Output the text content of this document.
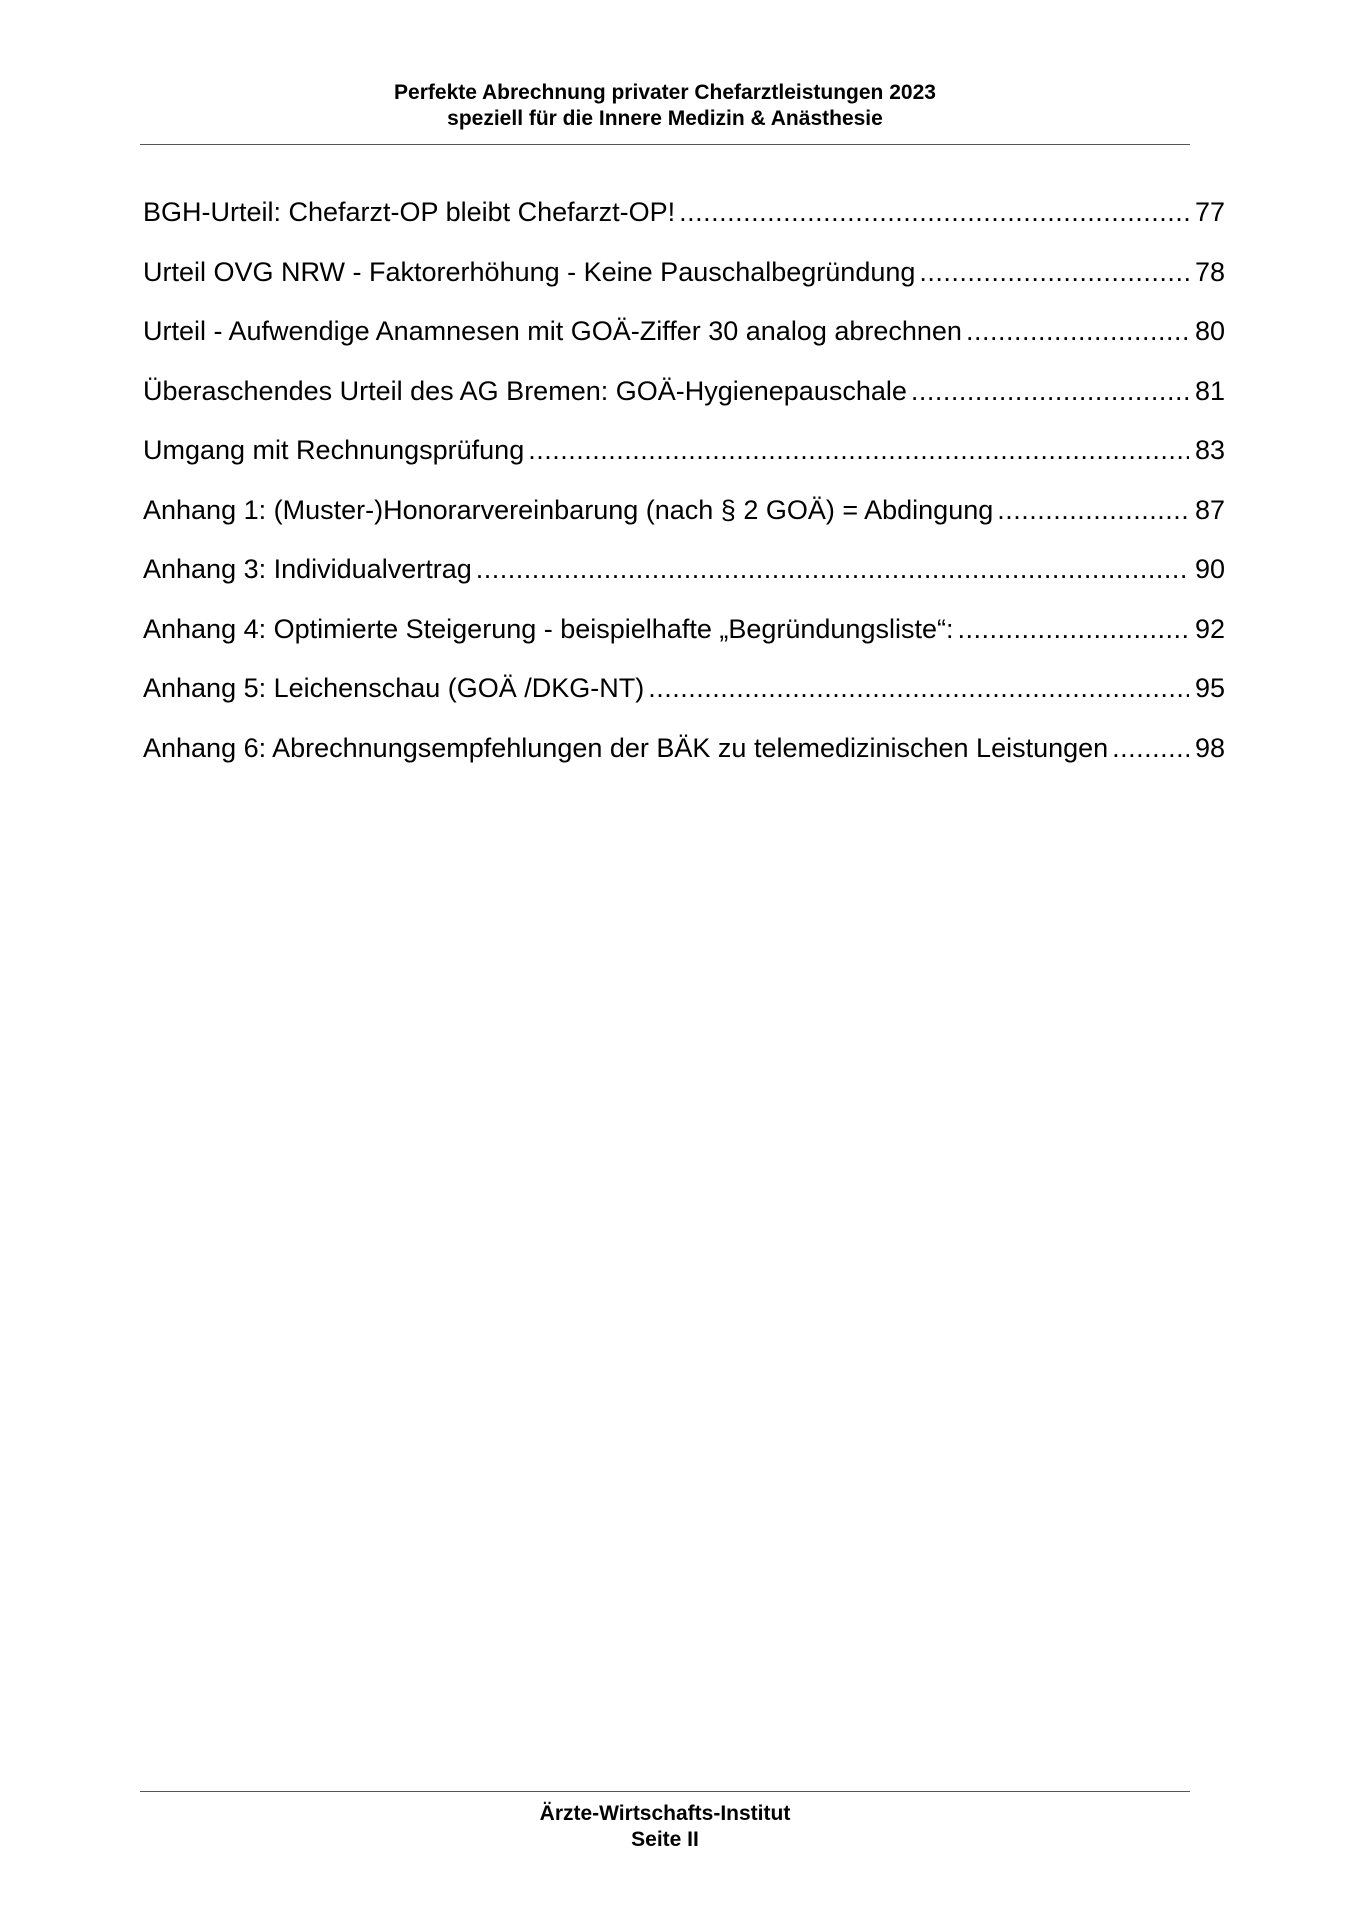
Perfekte Abrechnung privater Chefarztleistungen 2023
speziell für die Innere Medizin & Anästhesie
BGH-Urteil: Chefarzt-OP bleibt Chefarzt-OP! .....	77
Urteil OVG NRW - Faktorerhöhung - Keine Pauschalbegründung .....	78
Urteil - Aufwendige Anamnesen mit GOÄ-Ziffer 30 analog abrechnen .....	80
Überaschendes Urteil des AG Bremen: GOÄ-Hygienepauschale .....	81
Umgang mit Rechnungsprüfung .....	83
Anhang 1: (Muster-)Honorarvereinbarung (nach § 2 GOÄ) = Abdingung .....	87
Anhang 3: Individualvertrag .....	90
Anhang 4: Optimierte Steigerung - beispielhafte „Begründungsliste“: .....	92
Anhang 5: Leichenschau (GOÄ /DKG-NT) .....	95
Anhang 6: Abrechnungsempfehlungen der BÄK zu telemedizinischen Leistungen .....	98
Ärzte-Wirtschafts-Institut
Seite II
